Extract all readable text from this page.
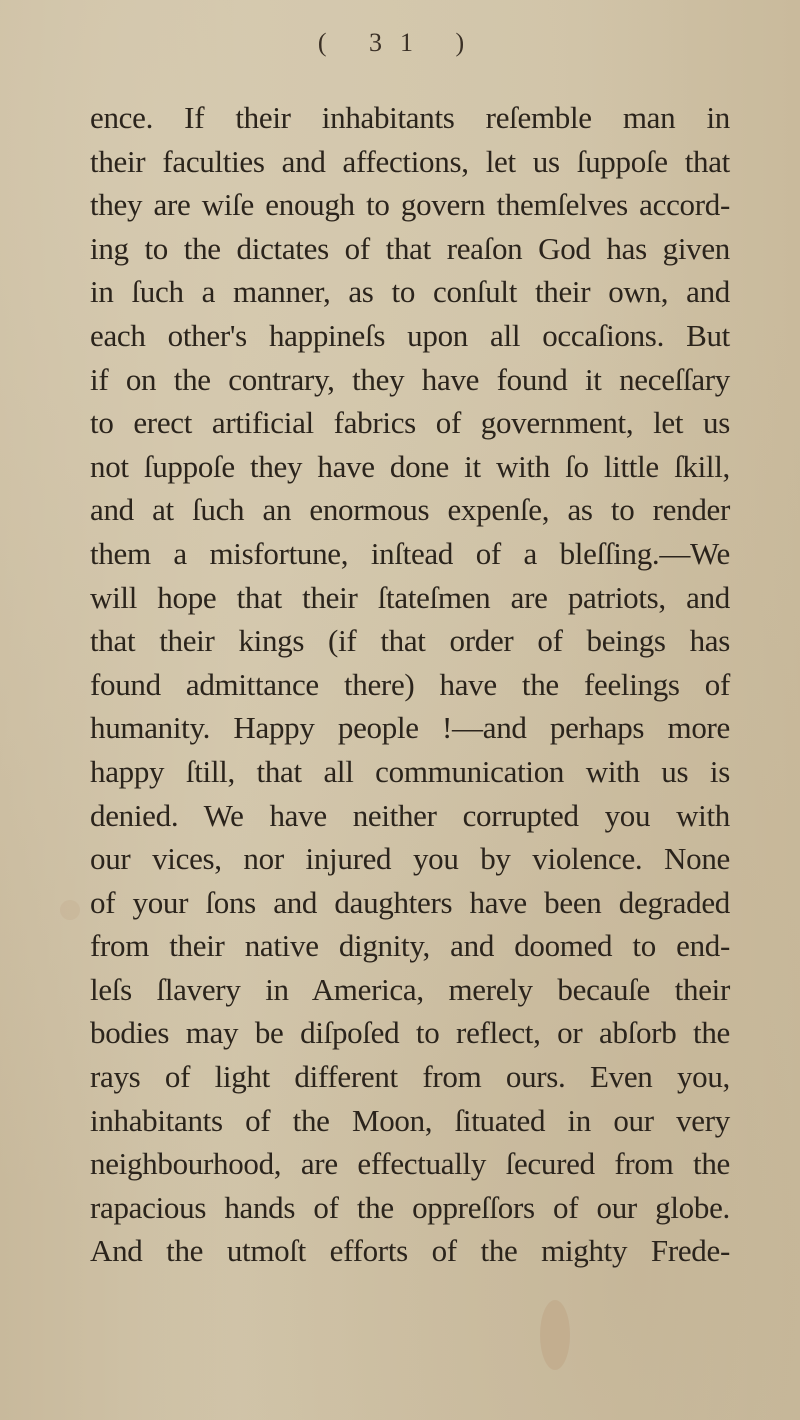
( 31 )
ence. If their inhabitants reſemble man in
their faculties and affections, let us ſuppoſe that
they are wiſe enough to govern themſelves accord-
ing to the dictates of that reaſon God has given
in ſuch a manner, as to conſult their own, and
each other's happineſs upon all occaſions. But
if on the contrary, they have found it neceſſary
to erect artificial fabrics of government, let us
not ſuppoſe they have done it with ſo little ſkill,
and at ſuch an enormous expenſe, as to render
them a misfortune, inſtead of a bleſſing.—We
will hope that their ſtateſmen are patriots, and
that their kings (if that order of beings has
found admittance there) have the feelings of
humanity. Happy people !—and perhaps more
happy ſtill, that all communication with us is
denied. We have neither corrupted you with
our vices, nor injured you by violence. None
of your ſons and daughters have been degraded
from their native dignity, and doomed to end-
leſs ſlavery in America, merely becauſe their
bodies may be diſpoſed to reflect, or abſorb the
rays of light different from ours. Even you,
inhabitants of the Moon, ſituated in our very
neighbourhood, are effectually ſecured from the
rapacious hands of the oppreſſors of our globe.
And the utmoſt efforts of the mighty Frede-
